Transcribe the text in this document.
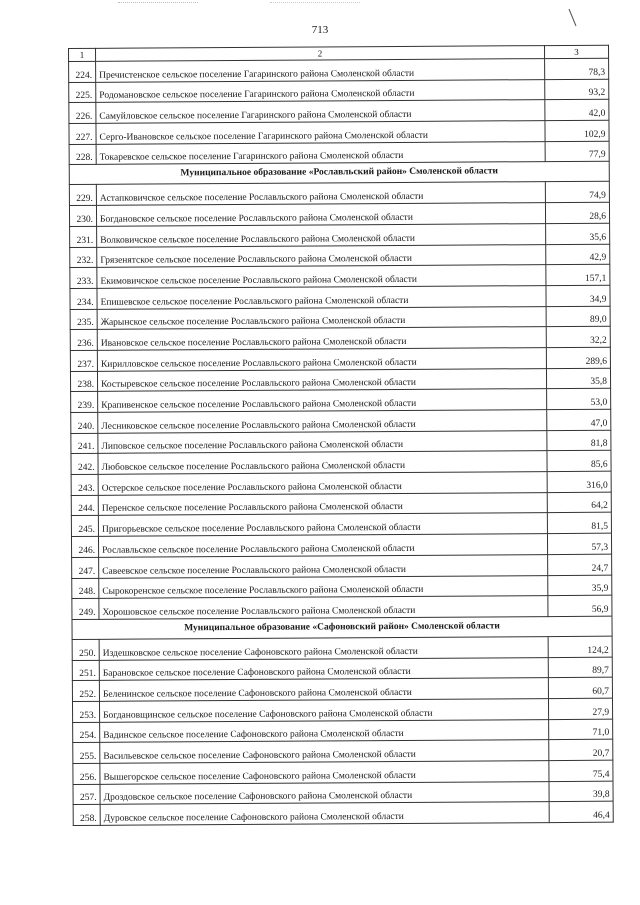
713
1	2	3
224.	Пречистенское сельское поселение Гагаринского района Смоленской области	78,3
225.	Родомановское сельское поселение Гагаринского района Смоленской области	93,2
226.	Самуйловское сельское поселение Гагаринского района Смоленской области	42,0
227.	Серго-Ивановское сельское поселение Гагаринского района Смоленской области	102,9
228.	Токаревское сельское поселение Гагаринского района Смоленской области	77,9
Муниципальное образование «Рославльский район» Смоленской области		
229.	Астапковичское сельское поселение Рославльского района Смоленской области	74,9
230.	Богдановское сельское поселение Рославльского района Смоленской области	28,6
231.	Волковичское сельское поселение Рославльского района Смоленской области	35,6
232.	Грязенятское сельское поселение Рославльского района Смоленской области	42,9
233.	Екимовичское сельское поселение Рославльского района Смоленской области	157,1
234.	Епишевское сельское поселение Рославльского района Смоленской области	34,9
235.	Жарынское сельское поселение Рославльского района Смоленской области	89,0
236.	Ивановское сельское поселение Рославльского района Смоленской области	32,2
237.	Кирилловское сельское поселение Рославльского района Смоленской области	289,6
238.	Костыревское сельское поселение Рославльского района Смоленской области	35,8
239.	Крапивенское сельское поселение Рославльского района Смоленской области	53,0
240.	Лесниковское сельское поселение Рославльского района Смоленской области	47,0
241.	Липовское сельское поселение Рославльского района Смоленской области	81,8
242.	Любовское сельское поселение Рославльского района Смоленской области	85,6
243.	Остерское сельское поселение Рославльского района Смоленской области	316,0
244.	Перенское сельское поселение Рославльского района Смоленской области	64,2
245.	Пригорьевское сельское поселение Рославльского района Смоленской области	81,5
246.	Рославльское сельское поселение Рославльского района Смоленской области	57,3
247.	Савеевское сельское поселение Рославльского района Смоленской области	24,7
248.	Сырокоренское сельское поселение Рославльского района Смоленской области	35,9
249.	Хорошовское сельское поселение Рославльского района Смоленской области	56,9
Муниципальное образование «Сафоновский район» Смоленской области		
250.	Издешковское сельское поселение Сафоновского района Смоленской области	124,2
251.	Барановское сельское поселение Сафоновского района Смоленской области	89,7
252.	Беленинское сельское поселение Сафоновского района Смоленской области	60,7
253.	Богдановщинское сельское поселение Сафоновского района Смоленской области	27,9
254.	Вадинское сельское поселение Сафоновского района Смоленской области	71,0
255.	Васильевское сельское поселение Сафоновского района Смоленской области	20,7
256.	Вышегорское сельское поселение Сафоновского района Смоленской области	75,4
257.	Дроздовское сельское поселение Сафоновского района Смоленской области	39,8
258.	Дуровское сельское поселение Сафоновского района Смоленской области	46,4
